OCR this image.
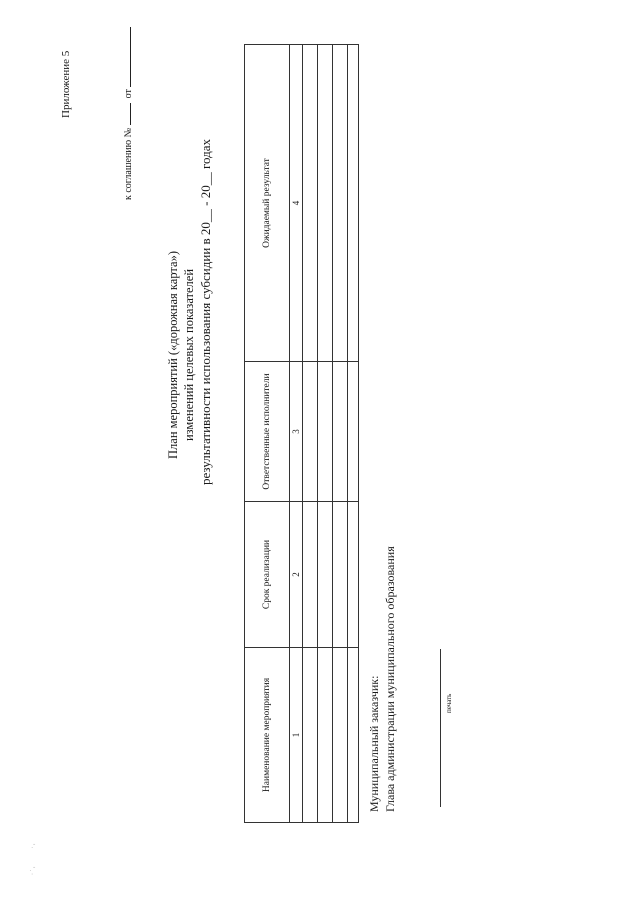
Приложение 5
к соглашению №   от
План мероприятий («дорожная карта») изменений целевых показателей результативности использования субсидии в 20__ - 20__ годах
Наименование мероприятия	Срок реализации	Ответственные исполнители	Ожидаемый результат
1	2	3	4

Муниципальный заказчик: Глава администрации муниципального образования	печать
· ˙ ,            · ,
